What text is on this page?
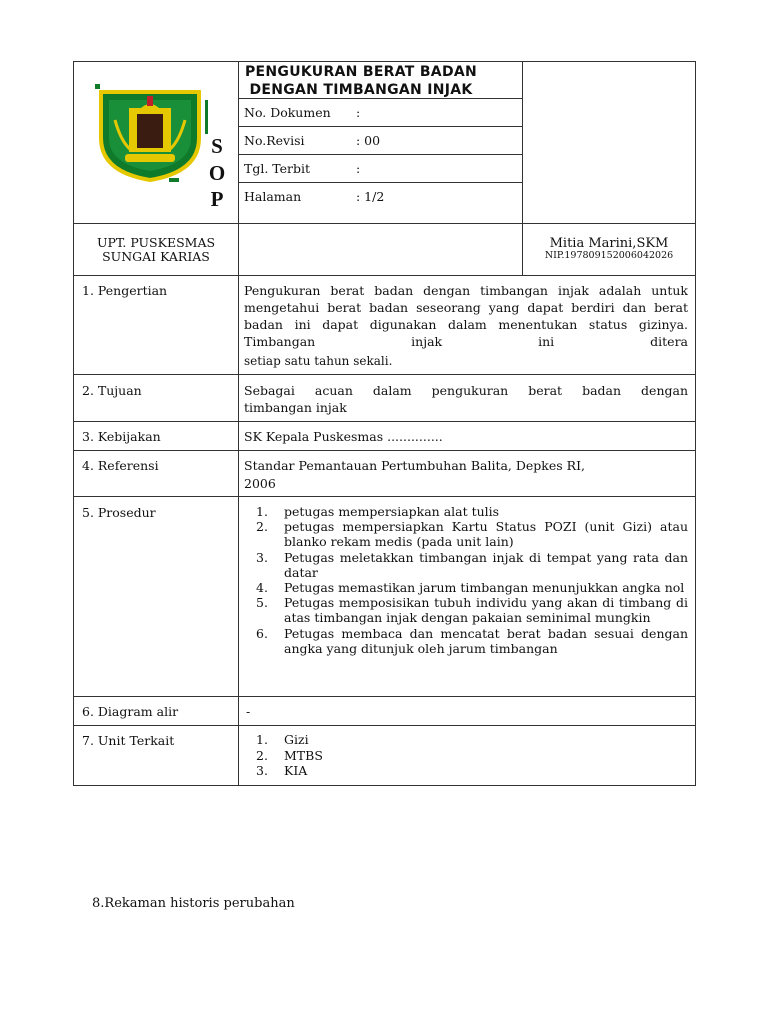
S
O
P
PENGUKURAN BERAT BADAN
DENGAN TIMBANGAN INJAK
No. Dokumen :
No.Revisi	: 00
Tgl. Terbit	:
Halaman	: 1/2
UPT. PUSKESMAS
SUNGAI KARIAS
Mitia Marini,SKM
NIP.197809152006042026
1. Pengertian	Pengukuran berat badan dengan timbangan injak adalah untuk mengetahui berat badan seseorang yang dapat berdiri dan berat badan ini dapat digunakan dalam menentukan status gizinya. Timbangan injak ini ditera
setiap satu tahun sekali.
2. Tujuan	Sebagai acuan dalam pengukuran berat badan dengan
timbangan injak
3. Kebijakan	SK Kepala Puskesmas ..............
4. Referensi	Standar Pemantauan Pertumbuhan Balita, Depkes RI,
2006
5. Prosedur	1. petugas mempersiapkan alat tulis
2. petugas mempersiapkan Kartu Status POZI (unit Gizi) atau blanko rekam medis (pada unit lain)
3. Petugas meletakkan timbangan injak di tempat yang rata dan datar
4. Petugas memastikan jarum timbangan menunjukkan angka nol
5. Petugas memposisikan tubuh individu yang akan di timbang di atas timbangan injak dengan pakaian seminimal mungkin
6. Petugas membaca dan mencatat berat badan sesuai dengan angka yang ditunjuk oleh jarum timbangan
6. Diagram alir	-
7. Unit Terkait	1. Gizi
2. MTBS
3. KIA
8.Rekaman historis perubahan
